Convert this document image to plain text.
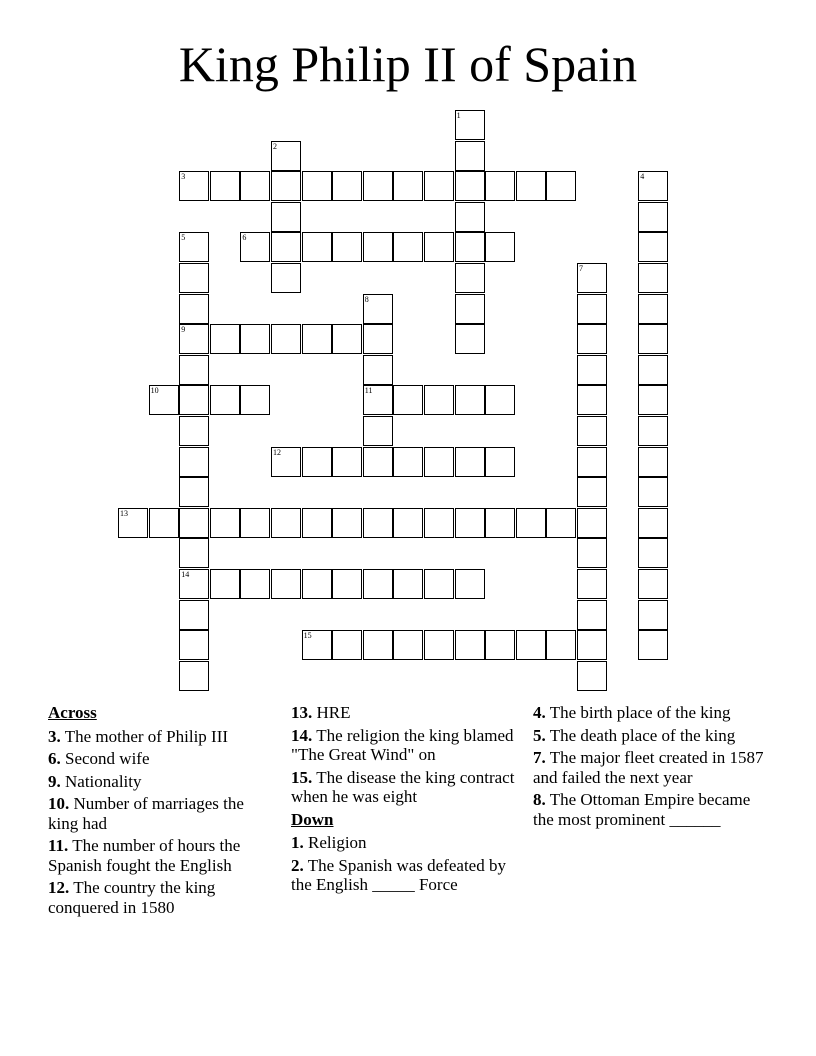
King Philip II of Spain
1
2
3	4
5
9
14
6
7
8
11
10
12
13
15
Across
3. The mother of Philip III
6. Second wife
9. Nationality
10. Number of marriages the king had
11. The number of hours the Spanish fought the English
12. The country the king conquered in 1580
13. HRE
14. The religion the king blamed "The Great Wind" on
15. The disease the king contract when he was eight
Down
1. Religion
2. The Spanish was defeated by the English _____ Force
4. The birth place of the king
5. The death place of the king
7. The major fleet created in 1587 and failed the next year
8. The Ottoman Empire became the most prominent ______
